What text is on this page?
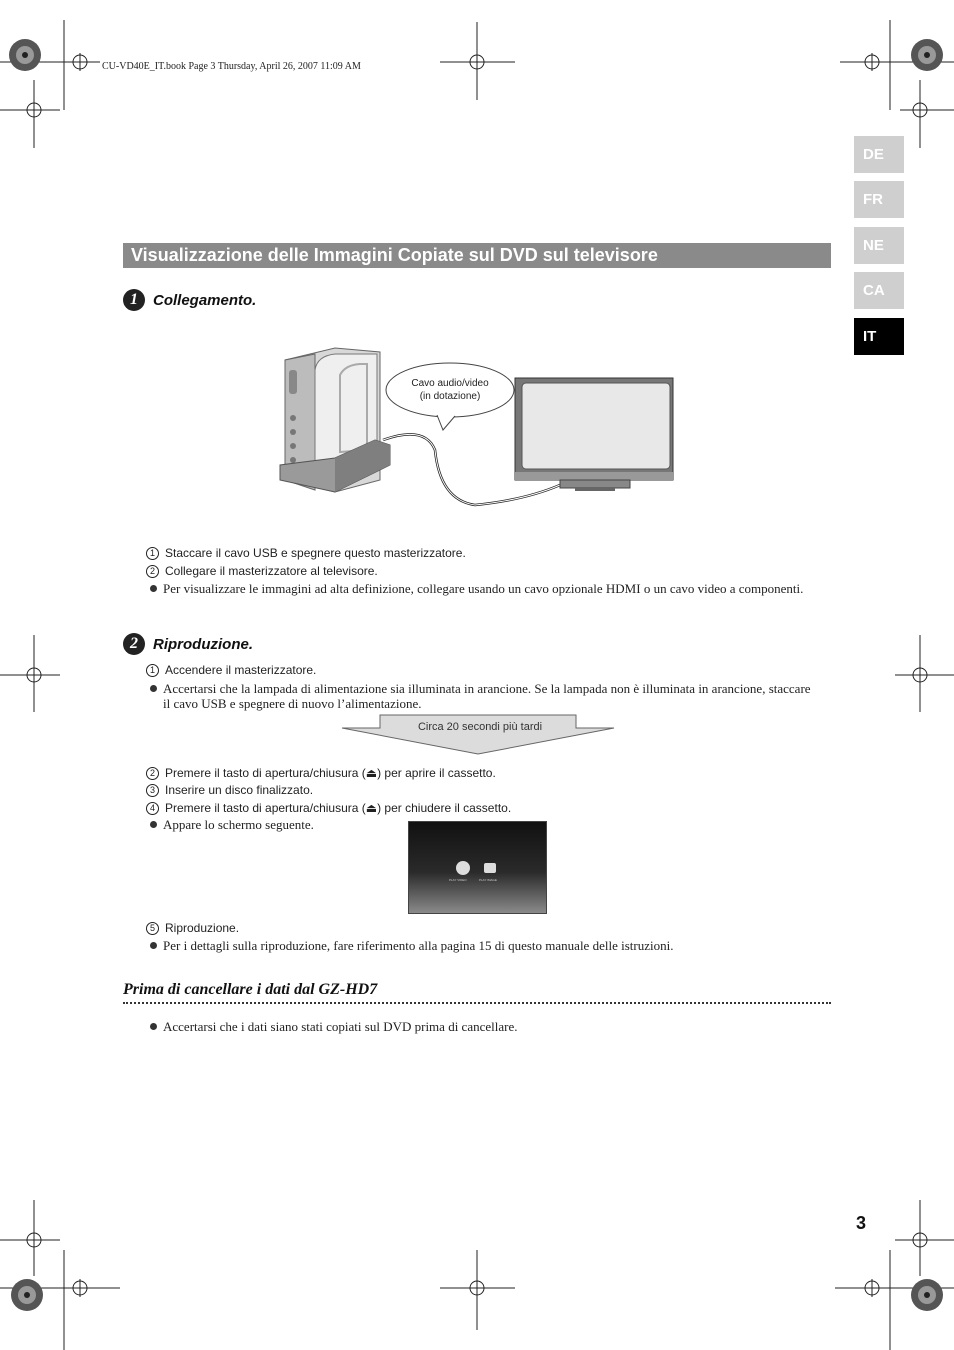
CU-VD40E_IT.book Page 3 Thursday, April 26, 2007 11:09 AM
DE
FR
NE
CA
IT
Visualizzazione delle Immagini Copiate sul DVD sul televisore
1	Collegamento.
Cavo audio/video
(in dotazione)
1 Staccare il cavo USB e spegnere questo masterizzatore.
2 Collegare il masterizzatore al televisore.
Per visualizzare le immagini ad alta definizione, collegare usando un cavo opzionale HDMI o un cavo video a componenti.
2	Riproduzione.
1 Accendere il masterizzatore.
Accertarsi che la lampada di alimentazione sia illuminata in arancione. Se la lampada non è illuminata in arancione, staccare il cavo USB e spegnere di nuovo l’alimentazione.
Circa 20 secondi più tardi
2 Premere il tasto di apertura/chiusura (⏏) per aprire il cassetto.
3 Inserire un disco finalizzato.
4 Premere il tasto di apertura/chiusura (⏏) per chiudere il cassetto.
Appare lo schermo seguente.
PLAY VIDEO	PLAY IMAGE
5 Riproduzione.
Per i dettagli sulla riproduzione, fare riferimento alla pagina 15 di questo manuale delle istruzioni.
Prima di cancellare i dati dal GZ-HD7
Accertarsi che i dati siano stati copiati sul DVD prima di cancellare.
3
